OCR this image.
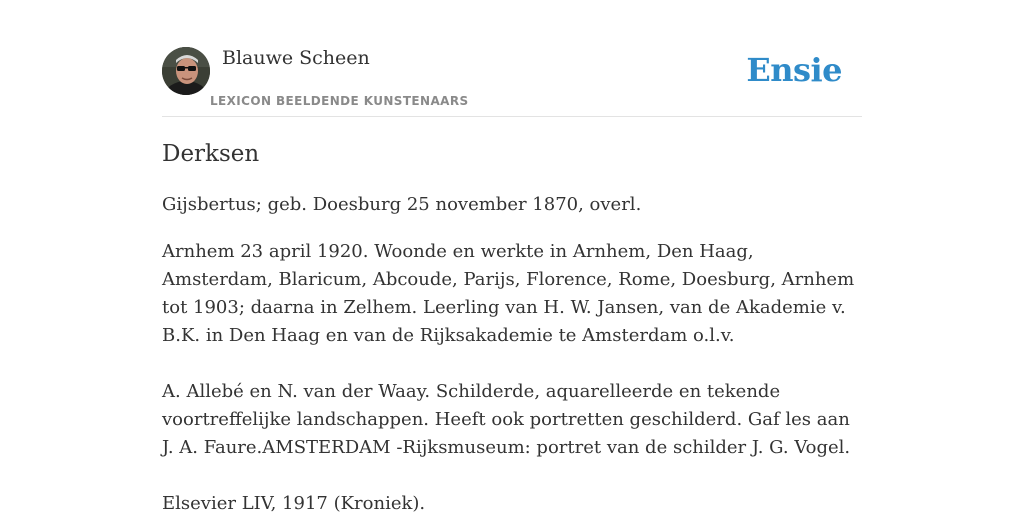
Blauwe Scheen
LEXICON BEELDENDE KUNSTENAARS
Ensie
Derksen

Gijsbertus; geb. Doesburg 25 november 1870, overl.

Arnhem 23 april 1920. Woonde en werkte in Arnhem, Den Haag, Amsterdam, Blaricum, Abcoude, Parijs, Florence, Rome, Doesburg, Arnhem tot 1903; daarna in Zelhem. Leerling van H. W. Jansen, van de Akademie v. B.K. in Den Haag en van de Rijksakademie te Amsterdam o.l.v.

A. Allebé en N. van der Waay. Schilderde, aquarelleerde en tekende voortreffelijke landschappen. Heeft ook portretten geschilderd. Gaf les aan J. A. Faure.AMSTERDAM -Rijksmuseum: portret van de schilder J. G. Vogel.

Elsevier LIV, 1917 (Kroniek).
